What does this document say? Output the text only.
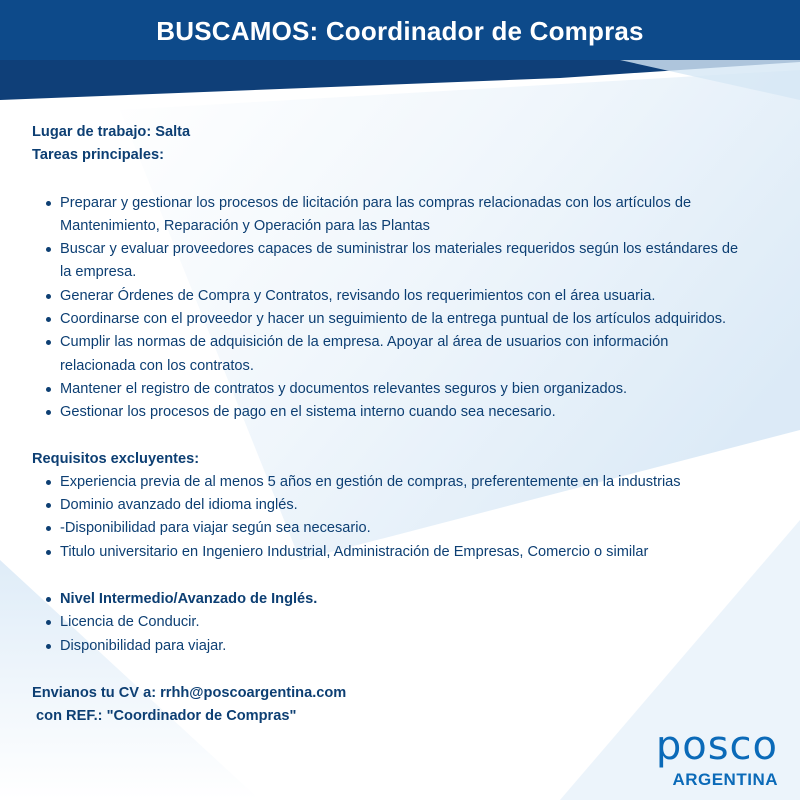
BUSCAMOS: Coordinador de Compras
Lugar de trabajo: Salta
Tareas principales:
Preparar y gestionar los procesos de licitación para las compras relacionadas con los artículos de
Mantenimiento, Reparación y Operación para las Plantas
Buscar y evaluar proveedores capaces de suministrar los materiales requeridos según los estándares de
la empresa.
Generar Órdenes de Compra y Contratos, revisando los requerimientos con el área usuaria.
Coordinarse con el proveedor y hacer un seguimiento de la entrega puntual de los artículos adquiridos.
Cumplir las normas de adquisición de la empresa. Apoyar al área de usuarios con información
relacionada con los contratos.
Mantener el registro de contratos y documentos relevantes seguros y bien organizados.
Gestionar los procesos de pago en el sistema interno cuando sea necesario.
Requisitos excluyentes:
Experiencia previa de al menos 5 años en gestión de compras, preferentemente en la industrias
Dominio avanzado del idioma inglés.
-Disponibilidad para viajar según sea necesario.
Titulo universitario en Ingeniero Industrial, Administración de Empresas, Comercio o similar
Nivel Intermedio/Avanzado de Inglés.
Licencia de Conducir.
Disponibilidad para viajar.
Envianos tu CV a: rrhh@poscoargentina.com
con REF.: "Coordinador de Compras"
posco
ARGENTINA
